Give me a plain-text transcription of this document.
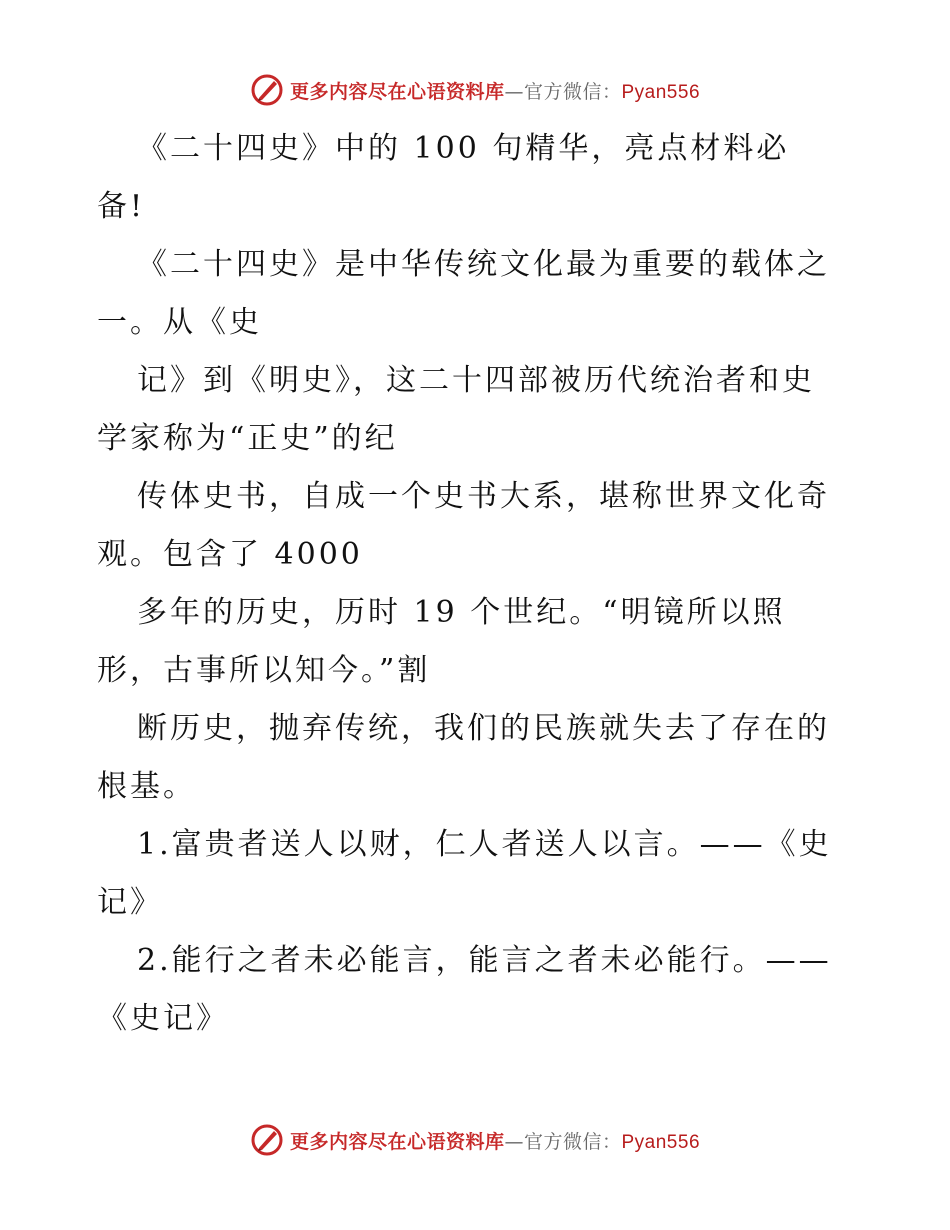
更多内容尽在心语资料库—官方微信：Pyan556

《二十四史》中的 100 句精华，亮点材料必

备!

《二十四史》是中华传统文化最为重要的载体之

一。从《史

记》到《明史》，这二十四部被历代统治者和史

学家称为“正史”的纪

传体史书，自成一个史书大系，堪称世界文化奇

观。包含了 4000

多年的历史，历时 19 个世纪。“明镜所以照

形，古事所以知今。”割

断历史，抛弃传统，我们的民族就失去了存在的

根基。

1.富贵者送人以财，仁人者送人以言。——《史

记》

2.能行之者未必能言，能言之者未必能行。——

《史记》

更多内容尽在心语资料库—官方微信：Pyan556
